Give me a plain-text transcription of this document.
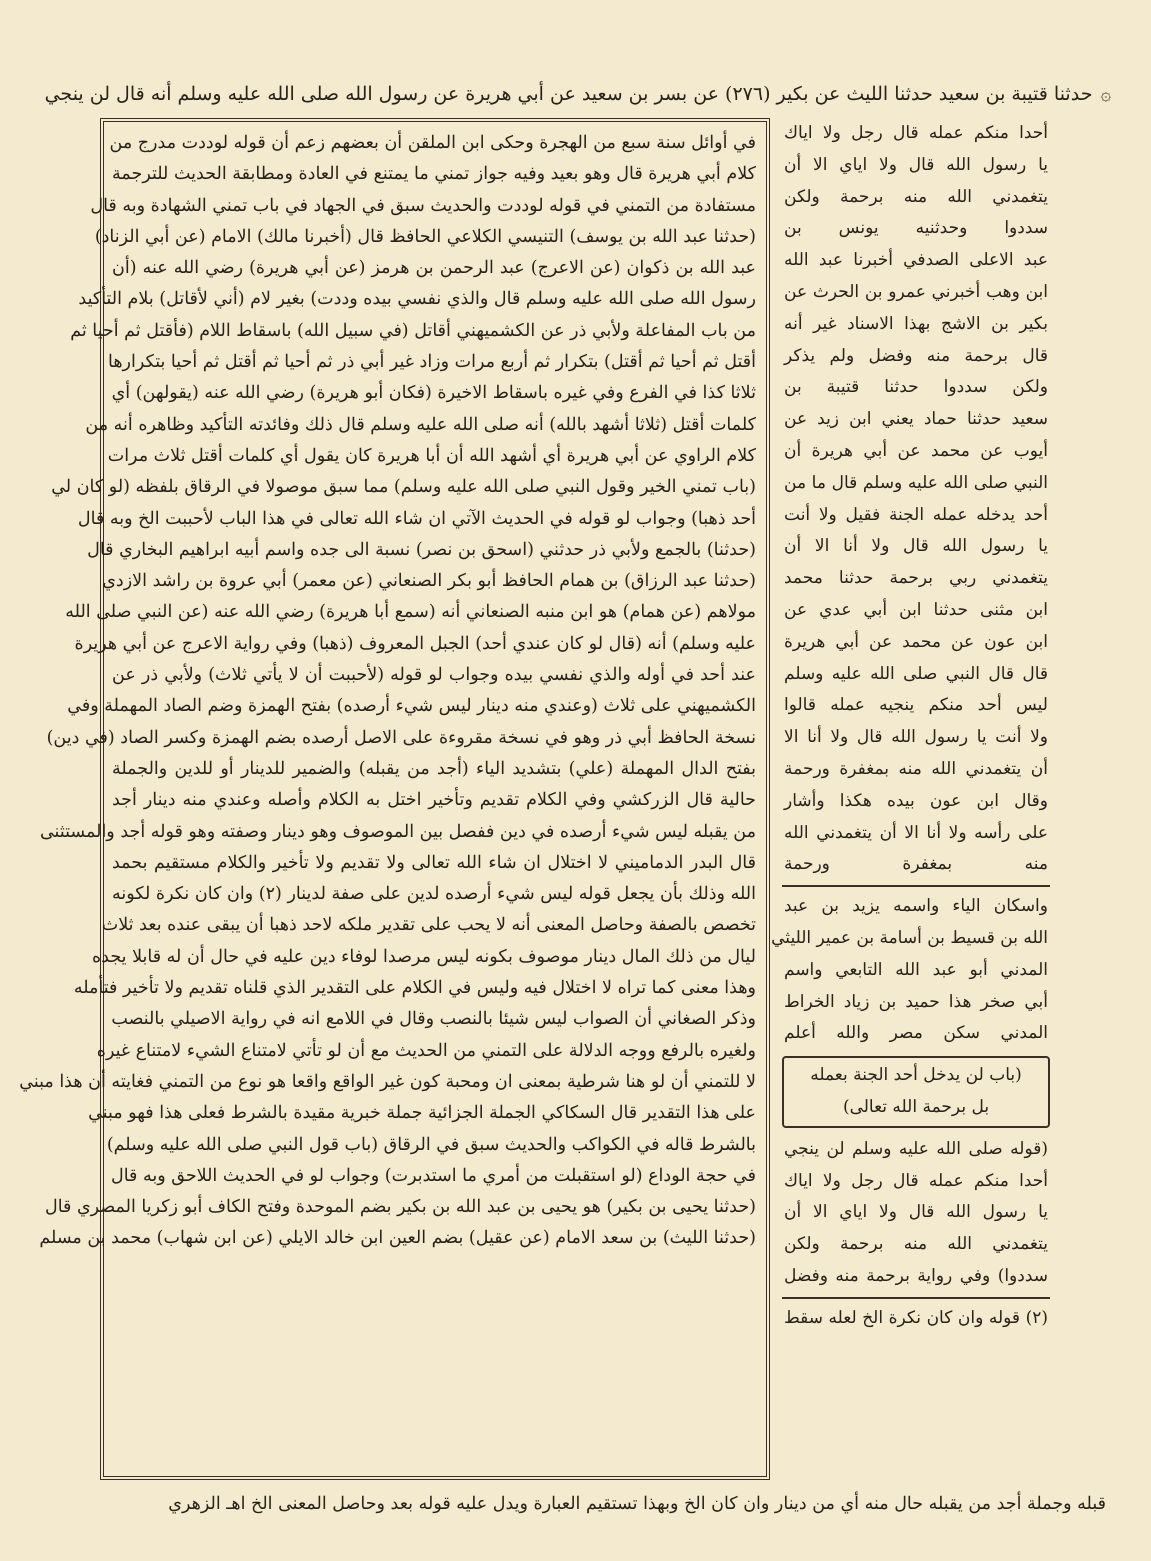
۞حدثنا قتيبة بن سعيد حدثنا الليث عن بكير (٢٧٦) عن بسر بن سعيد عن أبي هريرة عن رسول الله صلى الله عليه وسلم أنه قال لن ينجي
في أوائل سنة سبع من الهجرة وحكى ابن الملقن أن بعضهم زعم أن قوله لوددت مدرج من
كلام أبي هريرة قال وهو بعيد وفيه جواز تمني ما يمتنع في العادة ومطابقة الحديث للترجمة
مستفادة من التمني في قوله لوددت والحديث سبق في الجهاد في باب تمني الشهادة وبه قال
(حدثنا عبد الله بن يوسف) التنيسي الكلاعي الحافظ قال (أخبرنا مالك) الامام (عن أبي الزناد)
عبد الله بن ذكوان (عن الاعرج) عبد الرحمن بن هرمز (عن أبي هريرة) رضي الله عنه (أن
رسول الله صلى الله عليه وسلم قال والذي نفسي بيده وددت) بغير لام (أني لأقاتل) بلام التأكيد
من باب المفاعلة ولأبي ذر عن الكشميهني أقاتل (في سبيل الله) باسقاط اللام (فأقتل ثم أحيا ثم
أقتل ثم أحيا ثم أقتل) بتكرار ثم أربع مرات وزاد غير أبي ذر ثم أحيا ثم أقتل ثم أحيا بتكرارها
ثلاثا كذا في الفرع وفي غيره باسقاط الاخيرة (فكان أبو هريرة) رضي الله عنه (يقولهن) أي
كلمات أقتل (ثلاثا أشهد بالله) أنه صلى الله عليه وسلم قال ذلك وفائدته التأكيد وظاهره أنه من
كلام الراوي عن أبي هريرة أي أشهد الله أن أبا هريرة كان يقول أي كلمات أقتل ثلاث مرات
(باب تمني الخير وقول النبي صلى الله عليه وسلم) مما سبق موصولا في الرقاق بلفظه (لو كان لي
أحد ذهبا) وجواب لو قوله في الحديث الآتي ان شاء الله تعالى في هذا الباب لأحببت الخ وبه قال
(حدثنا) بالجمع ولأبي ذر حدثني (اسحق بن نصر) نسبة الى جده واسم أبيه ابراهيم البخاري قال
(حدثنا عبد الرزاق) بن همام الحافظ أبو بكر الصنعاني (عن معمر) أبي عروة بن راشد الازدي
مولاهم (عن همام) هو ابن منبه الصنعاني أنه (سمع أبا هريرة) رضي الله عنه (عن النبي صلى الله
عليه وسلم) أنه (قال لو كان عندي أحد) الجبل المعروف (ذهبا) وفي رواية الاعرج عن أبي هريرة
عند أحد في أوله والذي نفسي بيده وجواب لو قوله (لأحببت أن لا يأتي ثلاث) ولأبي ذر عن
الكشميهني على ثلاث (وعندي منه دينار ليس شيء أرصده) بفتح الهمزة وضم الصاد المهملة وفي
نسخة الحافظ أبي ذر وهو في نسخة مقروءة على الاصل أرصده بضم الهمزة وكسر الصاد (في دين)
بفتح الدال المهملة (علي) بتشديد الياء (أجد من يقبله) والضمير للدينار أو للدين والجملة
حالية قال الزركشي وفي الكلام تقديم وتأخير اختل به الكلام وأصله وعندي منه دينار أجد
من يقبله ليس شيء أرصده في دين ففصل بين الموصوف وهو دينار وصفته وهو قوله أجد والمستثنى
قال البدر الدماميني لا اختلال ان شاء الله تعالى ولا تقديم ولا تأخير والكلام مستقيم بحمد
الله وذلك بأن يجعل قوله ليس شيء أرصده لدين على صفة لدينار (٢) وان كان نكرة لكونه
تخصص بالصفة وحاصل المعنى أنه لا يحب على تقدير ملكه لاحد ذهبا أن يبقى عنده بعد ثلاث
ليال من ذلك المال دينار موصوف بكونه ليس مرصدا لوفاء دين عليه في حال أن له قابلا يجده
وهذا معنى كما تراه لا اختلال فيه وليس في الكلام على التقدير الذي قلناه تقديم ولا تأخير فتأمله
وذكر الصغاني أن الصواب ليس شيئا بالنصب وقال في اللامع انه في رواية الاصيلي بالنصب
ولغيره بالرفع ووجه الدلالة على التمني من الحديث مع أن لو تأتي لامتناع الشيء لامتناع غيره
لا للتمني أن لو هنا شرطية بمعنى ان ومحبة كون غير الواقع واقعا هو نوع من التمني فغايته أن هذا مبني
على هذا التقدير قال السكاكي الجملة الجزائية جملة خبرية مقيدة بالشرط فعلى هذا فهو مبني
بالشرط قاله في الكواكب والحديث سبق في الرقاق (باب قول النبي صلى الله عليه وسلم)
في حجة الوداع (لو استقبلت من أمري ما استدبرت) وجواب لو في الحديث اللاحق وبه قال
(حدثنا يحيى بن بكير) هو يحيى بن عبد الله بن بكير بضم الموحدة وفتح الكاف أبو زكريا المصري قال
(حدثنا الليث) بن سعد الامام (عن عقيل) بضم العين ابن خالد الايلي (عن ابن شهاب) محمد بن مسلم
أحدا منكم عمله قال رجل ولا اياك
يا رسول الله قال ولا اياي الا أن
يتغمدني الله منه برحمة ولكن
سددوا وحدثنيه يونس بن
عبد الاعلى الصدفي أخبرنا عبد الله
ابن وهب أخبرني عمرو بن الحرث عن
بكير بن الاشج بهذا الاسناد غير أنه
قال برحمة منه وفضل ولم يذكر
ولكن سددوا حدثنا قتيبة بن
سعيد حدثنا حماد يعني ابن زيد عن
أيوب عن محمد عن أبي هريرة أن
النبي صلى الله عليه وسلم قال ما من
أحد يدخله عمله الجنة فقيل ولا أنت
يا رسول الله قال ولا أنا الا أن
يتغمدني ربي برحمة حدثنا محمد
ابن مثنى حدثنا ابن أبي عدي عن
ابن عون عن محمد عن أبي هريرة
قال قال النبي صلى الله عليه وسلم
ليس أحد منكم ينجيه عمله قالوا
ولا أنت يا رسول الله قال ولا أنا الا
أن يتغمدني الله منه بمغفرة ورحمة
وقال ابن عون بيده هكذا وأشار
على رأسه ولا أنا الا أن يتغمدني الله
منه بمغفرة ورحمة
واسكان الياء واسمه يزيد بن عبد
الله بن قسيط بن أسامة بن عمير الليثي
المدني أبو عبد الله التابعي واسم
أبي صخر هذا حميد بن زياد الخراط
المدني سكن مصر والله أعلم
(باب لن يدخل أحد الجنة بعمله
بل برحمة الله تعالى)
(قوله صلى الله عليه وسلم لن ينجي
أحدا منكم عمله قال رجل ولا اياك
يا رسول الله قال ولا اياي الا أن
يتغمدني الله منه برحمة ولكن
سددوا) وفي رواية برحمة منه وفضل
(٢) قوله وان كان نكرة الخ لعله سقط
قبله وجملة أجد من يقبله حال منه أي من دينار وان كان الخ وبهذا تستقيم العبارة ويدل عليه قوله بعد وحاصل المعنى الخ اهـ الزهري
